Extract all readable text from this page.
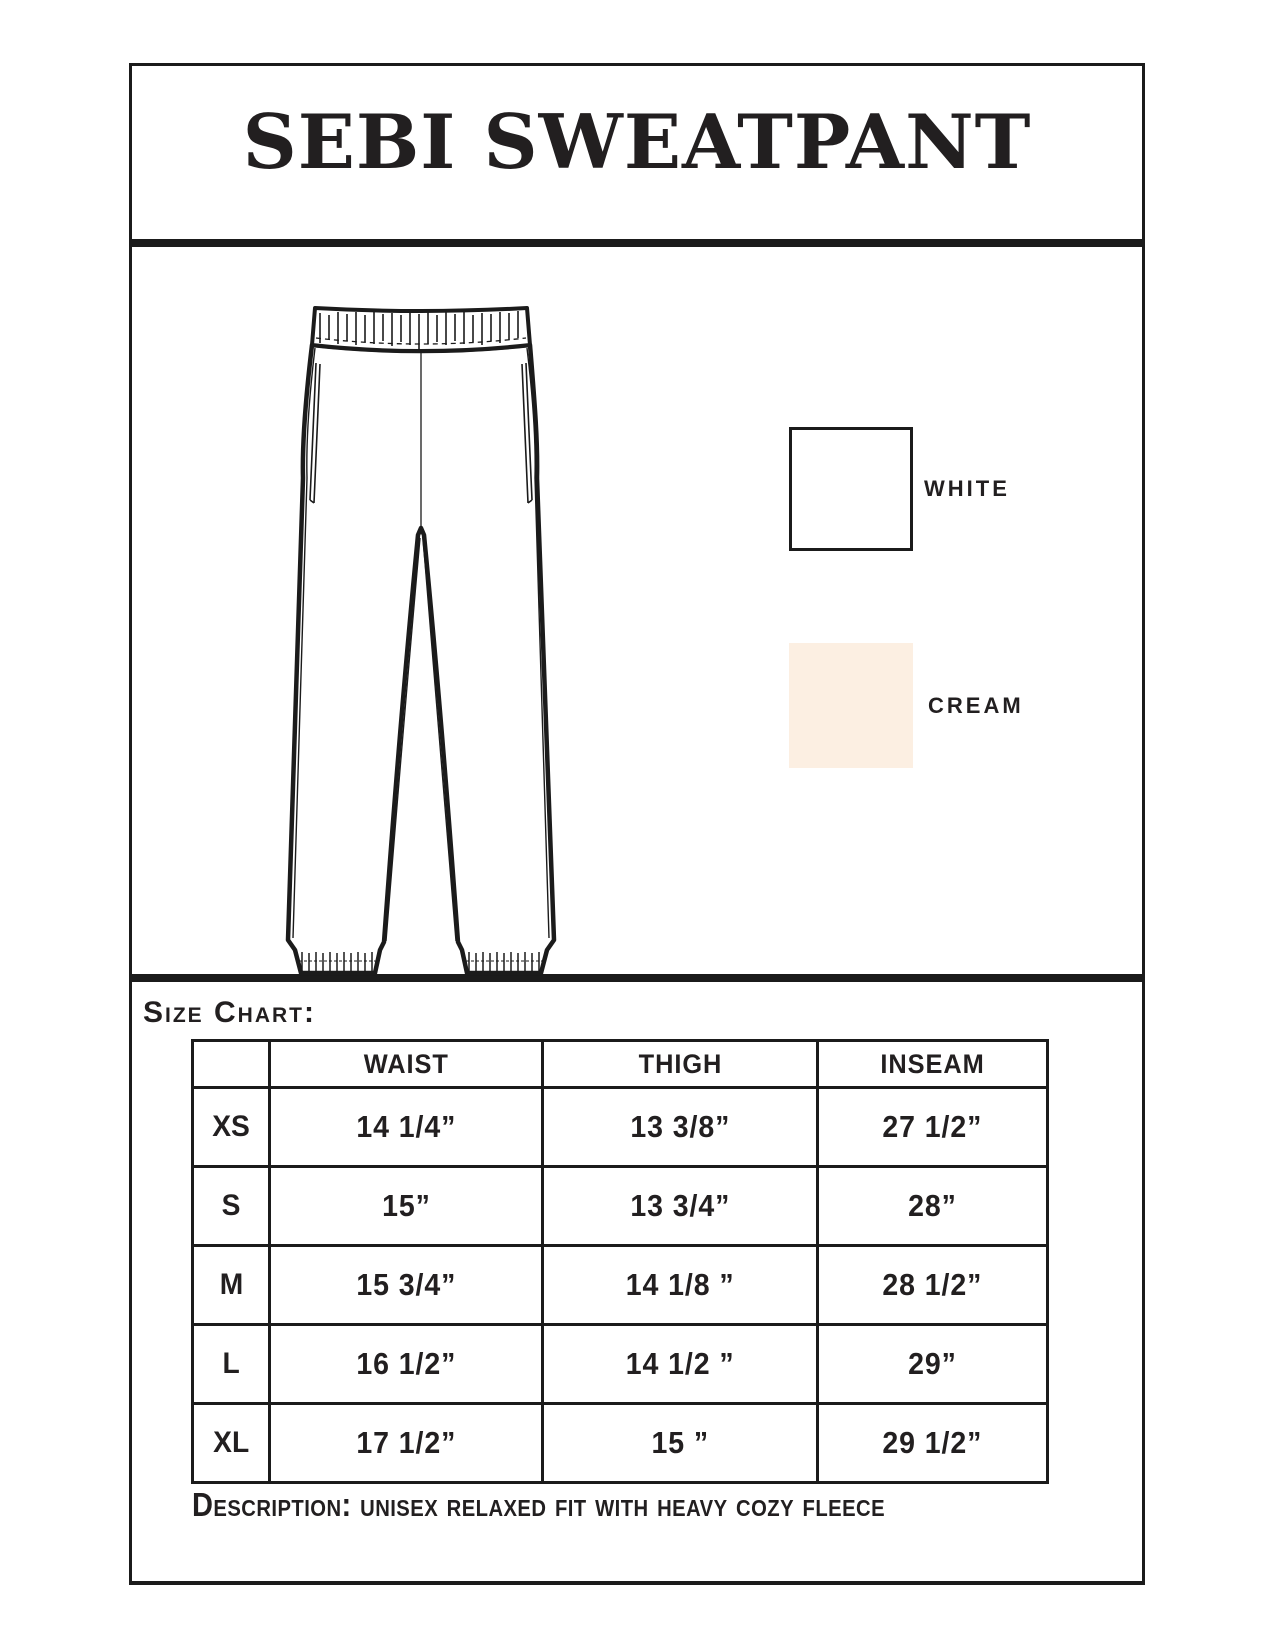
SEBI SWEATPANT
WHITE
CREAM
Size Chart:
	WAIST	THIGH	INSEAM
XS	14 1/4”	13 3/8”	27 1/2”
S	15”	13 3/4”	28”
M	15 3/4”	14 1/8 ”	28 1/2”
L	16 1/2”	14 1/2 ”	29”
XL	17 1/2”	15 ”	29 1/2”
Description: unisex relaxed fit with heavy cozy fleece
